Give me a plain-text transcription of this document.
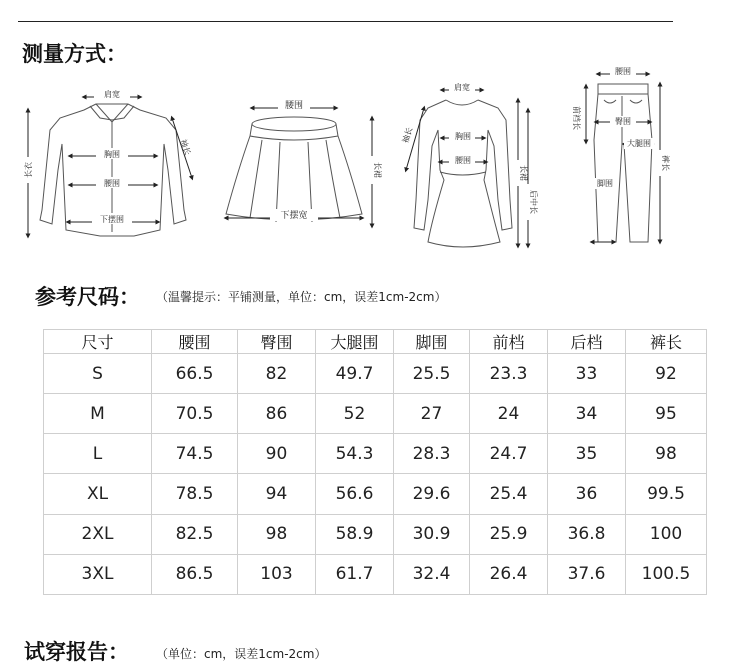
测量方式：
肩宽
胸围
腰围
下摆围
长衣
袖长
腰围
下摆宽
长裙
肩宽
胸围
腰围
袖长
长裙
后中长
腰围
前裆长	臀围
大腿围
脚围
裤长
参考尺码： （温馨提示：平铺测量，单位：cm，误差1cm-2cm）
尺寸	腰围	臀围	大腿围	脚围	前档	后档	裤长
S	66.5	82	49.7	25.5	23.3	33	92
M	70.5	86	52	27	24	34	95
L	74.5	90	54.3	28.3	24.7	35	98
XL	78.5	94	56.6	29.6	25.4	36	99.5
2XL	82.5	98	58.9	30.9	25.9	36.8	100
3XL	86.5	103	61.7	32.4	26.4	37.6	100.5
试穿报告： （单位：cm，误差1cm-2cm）
